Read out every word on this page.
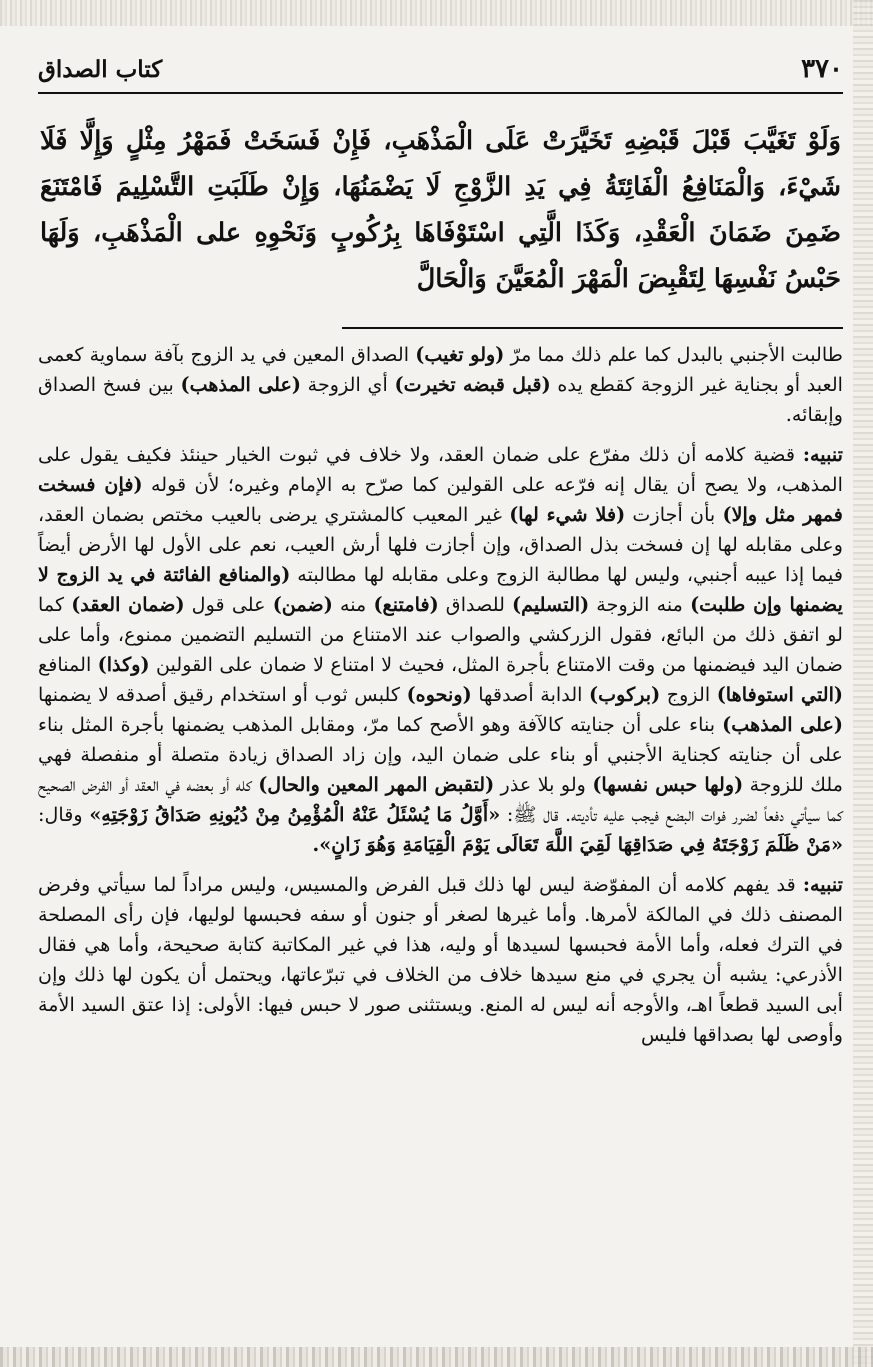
٣٧٠
كتاب الصداق

وَلَوْ تَغَيَّبَ قَبْلَ قَبْضِهِ تَخَيَّرَتْ عَلَى الْمَذْهَبِ، فَإِنْ فَسَخَتْ فَمَهْرُ مِثْلٍ وَإِلَّا فَلَا شَيْءَ، وَالْمَنَافِعُ الْفَائِتَةُ فِي يَدِ الزَّوْجِ لَا يَضْمَنُهَا، وَإِنْ طَلَبَتِ التَّسْلِيمَ فَامْتَنَعَ ضَمِنَ ضَمَانَ الْعَقْدِ، وَكَذَا الَّتِي اسْتَوْفَاهَا بِرُكُوبٍ وَنَحْوِهِ على الْمَذْهَبِ، وَلَهَا حَبْسُ نَفْسِهَا لِتَقْبِضَ الْمَهْرَ الْمُعَيَّنَ وَالْحَالَّ

طالبت الأجنبي بالبدل كما علم ذلك مما مرّ (ولو تغيب) الصداق المعين في يد الزوج بآفة سماوية كعمى العبد أو بجناية غير الزوجة كقطع يده (قبل قبضه تخيرت) أي الزوجة (على المذهب) بين فسخ الصداق وإبقائه.

تنبيه: قضية كلامه أن ذلك مفرّع على ضمان العقد، ولا خلاف في ثبوت الخيار حينئذ فكيف يقول على المذهب، ولا يصح أن يقال إنه فرّعه على القولين كما صرّح به الإمام وغيره؛ لأن قوله (فإن فسخت فمهر مثل وإلا) بأن أجازت (فلا شيء لها) غير المعيب كالمشتري يرضى بالعيب مختص بضمان العقد، وعلى مقابله لها إن فسخت بذل الصداق، وإن أجازت فلها أرش العيب، نعم على الأول لها الأرض أيضاً فيما إذا عيبه أجنبي، وليس لها مطالبة الزوج وعلى مقابله لها مطالبته (والمنافع الفائتة في يد الزوج لا يضمنها وإن طلبت) منه الزوجة (التسليم) للصداق (فامتنع) منه (ضمن) على قول (ضمان العقد) كما لو اتفق ذلك من البائع، فقول الزركشي والصواب عند الامتناع من التسليم التضمين ممنوع، وأما على ضمان اليد فيضمنها من وقت الامتناع بأجرة المثل، فحيث لا امتناع لا ضمان على القولين (وكذا) المنافع (التي استوفاها) الزوج (بركوب) الدابة أصدقها (ونحوه) كلبس ثوب أو استخدام رقيق أصدقه لا يضمنها (على المذهب) بناء على أن جنايته كالآفة وهو الأصح كما مرّ، ومقابل المذهب يضمنها بأجرة المثل بناء على أن جنايته كجناية الأجنبي أو بناء على ضمان اليد، وإن زاد الصداق زيادة متصلة أو منفصلة فهي ملك للزوجة (ولها حبس نفسها) ولو بلا عذر (لتقبض المهر المعين والحال) كله أو بعضه في العقد أو الفرض الصحيح كما سيأتي دفعاً لضرر فوات البضع فيجب عليه تأديته. قال ﷺ: «أَوَّلُ مَا يُسْئَلُ عَنْهُ الْمُؤْمِنُ مِنْ دُيُونِهِ صَدَاقُ زَوْجَتِهِ» وقال: «مَنْ ظَلَمَ زَوْجَتَهُ فِي صَدَاقِهَا لَقِيَ اللَّهَ تَعَالَى يَوْمَ الْقِيَامَةِ وَهُوَ زَانٍ».

تنبيه: قد يفهم كلامه أن المفوّضة ليس لها ذلك قبل الفرض والمسيس، وليس مراداً لما سيأتي وفرض المصنف ذلك في المالكة لأمرها. وأما غيرها لصغر أو جنون أو سفه فحبسها لوليها، فإن رأى المصلحة في الترك فعله، وأما الأمة فحبسها لسيدها أو وليه، هذا في غير المكاتبة كتابة صحيحة، وأما هي فقال الأذرعي: يشبه أن يجري في منع سيدها خلاف من الخلاف في تبرّعاتها، ويحتمل أن يكون لها ذلك وإن أبى السيد قطعاً اهـ، والأوجه أنه ليس له المنع. ويستثنى صور لا حبس فيها: الأولى: إذا عتق السيد الأمة وأوصى لها بصداقها فليس
